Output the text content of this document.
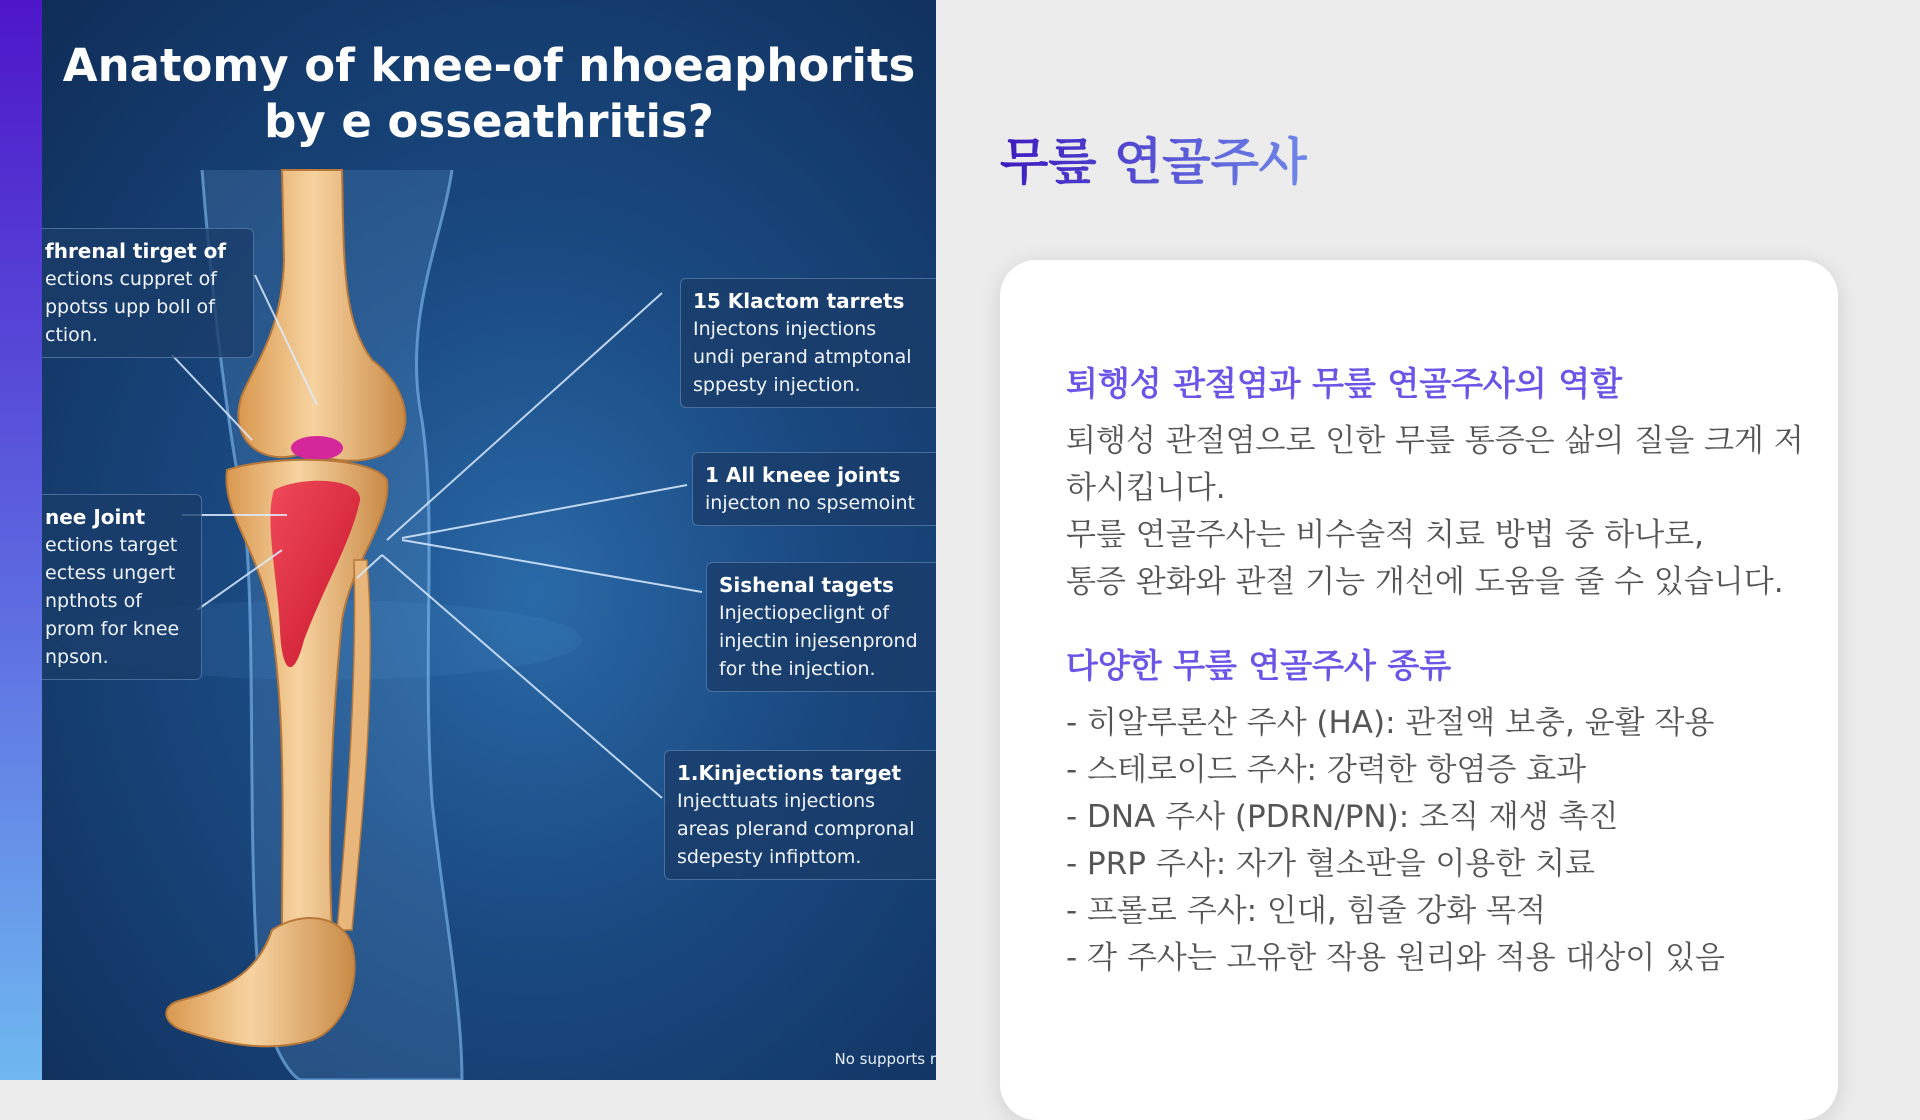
Anatomy of knee-of nhoeaphorits
by e osseathritis?
fhrenal tirget of
ections cuppret of
ppotss upp boll of
ction.
nee Joint
ections target
ectess ungert
npthots of
prom for knee
npson.
15 Klactom tarrets
Injectons injections
undi perand atmptonal
sppesty injection.
1 All kneee joints
injecton no spsemoint
Sishenal tagets
Injectiopeclignt of
injectin injesenprond
for the injection.
1.Kinjections target
Injecttuats injections
areas plerand compronal
sdepesty infipttom.
No supports r
무릎 연골주사
퇴행성 관절염과 무릎 연골주사의 역할
퇴행성 관절염으로 인한 무릎 통증은 삶의 질을 크게 저
하시킵니다.
무릎 연골주사는 비수술적 치료 방법 중 하나로,
통증 완화와 관절 기능 개선에 도움을 줄 수 있습니다.
다양한 무릎 연골주사 종류
- 히알루론산 주사 (HA): 관절액 보충, 윤활 작용
- 스테로이드 주사: 강력한 항염증 효과
- DNA 주사 (PDRN/PN): 조직 재생 촉진
- PRP 주사: 자가 혈소판을 이용한 치료
- 프롤로 주사: 인대, 힘줄 강화 목적
- 각 주사는 고유한 작용 원리와 적용 대상이 있음
